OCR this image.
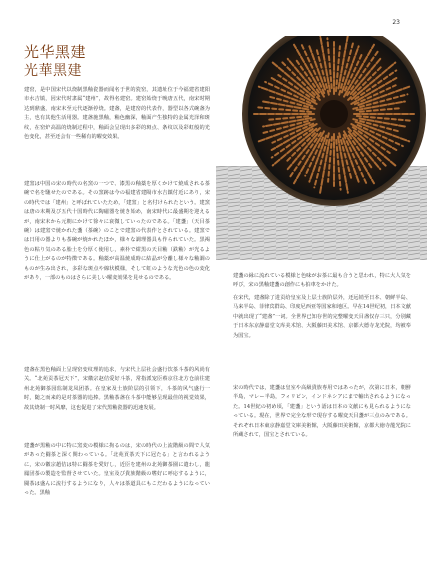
23
光华黑建
光華黑建
建窑，是中国宋代以烧制黑釉瓷器而闻名于世的瓷窑，其遗址位于今福建省建阳市水吉镇，因宋代时隶属“建州”，故得名建窑。建窑始烧于晚唐五代，南宋时期达到鼎盛，南宋末至元代逐渐停烧。建盏，是建窑的代表作，器型以各式碗盏为主，也有其他生活用器。建盏施黑釉，釉色幽深，釉面产生独特的金属光泽和斑纹，在窑炉高温的烧制过程中，釉面会呈现出多彩的斑点、条纹以及彩虹般的光色变化，甚至还会有一些稀有的曜变效果。
建窯は中国の宋の時代の名窯の一つで、漆黒の釉薬を厚くかけて焼成される茶碗で名を馳せたのである。その窯跡は今の福建省建陽市水吉鎮付近にあり，宋の時代では「建州」と呼ばれていたため，「建窯」と名付けられたという。建窯は唐の末期及び五代十国時代に陶磁器を焼き始め，南宋時代に最盛期を迎えるが，南宋末から元朝にかけて徐々に衰微していったのである。「建盞」（天目茶碗）は建窯で焼かれた盞（茶碗）のことで建窯の代表作とされている。建窯では日用の器よりも茶碗が焼かれたほか，様々な調理器具も作られていた。黒褐色の粘り気のある胎土を分厚く使用し，素朴で紺黒の天目釉（鉄釉）が光るように仕上がるのが特徴である。釉薬が高温焼成時に結晶が分離し様々な釉調のものが生み出され，多彩な斑点や線状模様，そして虹のような光色の色の変化があり，一部のものはさらに美しい曜変効果を見せるのである。
建盏在黑色釉面上呈现窑变纹理的追求，与宋代上层社会盛行饮茶斗茶的风尚有关。“北苑贡茶冠天下”，宋徽宗赵佶爱好斗茶，常指派宠臣蔡京往北方仓前往建州北苑御茶园监制龙凤团茶。在皇家及士族阶层的引领下，斗茶的风气盛行一时，随之而来的是对茶器的追捧。黑釉茶盏在斗茶中能够呈现最佳的视觉效果，故其烧制一时风靡，这也促进了宋代黑釉瓷器的迅速发展。
建盞が黒釉の中に特に窯変の模様に拘るのは，宋の時代の上流階級の間で人気があった闘茶と深く関わっている。「北苑貢茶天下に冠たる」と言われるように，宋の徽宗趙佶は特に闘茶を愛好し，近臣を建州の北苑御茶園に遣わし，龍鳳団茶の製造を監督させていた。皇室及び貴族階級の嗜好に呼応するように，闘茶は盛んに流行するようになり，人々は茶道具にもこだわるようになっていった。黒釉
建盞の縁に流れている模様と色味がお茶に最も合うと思われ，特に大人気を呼び，宋の黑釉建盞の創作にも拍車をかけた。
在宋代，建盏除了进贡给皇室及上层士族阶层外，还远销至日本、朝鲜半岛、马来半岛、菲律宾群岛、印度尼西亚等国家和地区。早在14世纪初，日本文献中就出现了“建盏”一词。全世界已知存世的完整曜变天目盏仅存三只，分别藏于日本东京静嘉堂文库美术馆、大阪藤田美术馆、京都大德寺龙光院，均被奉为国宝。
宋の時代では，建盞は皇室や高級貴族専用ではあったが，次第に日本，朝鮮半島，マレー半島，フィリピン，インドネシアにまで輸出されるようになった。14世紀の初め頃，「建盞」という語は日本の文献にも見られるようになっている。現在，世界で完全な形で現存する曜変天目盞が三点のみである。それぞれ日本東京静嘉堂文庫美術館，大阪藤田美術館，京都大徳寺龍光院に所蔵されて，国宝とされている。
